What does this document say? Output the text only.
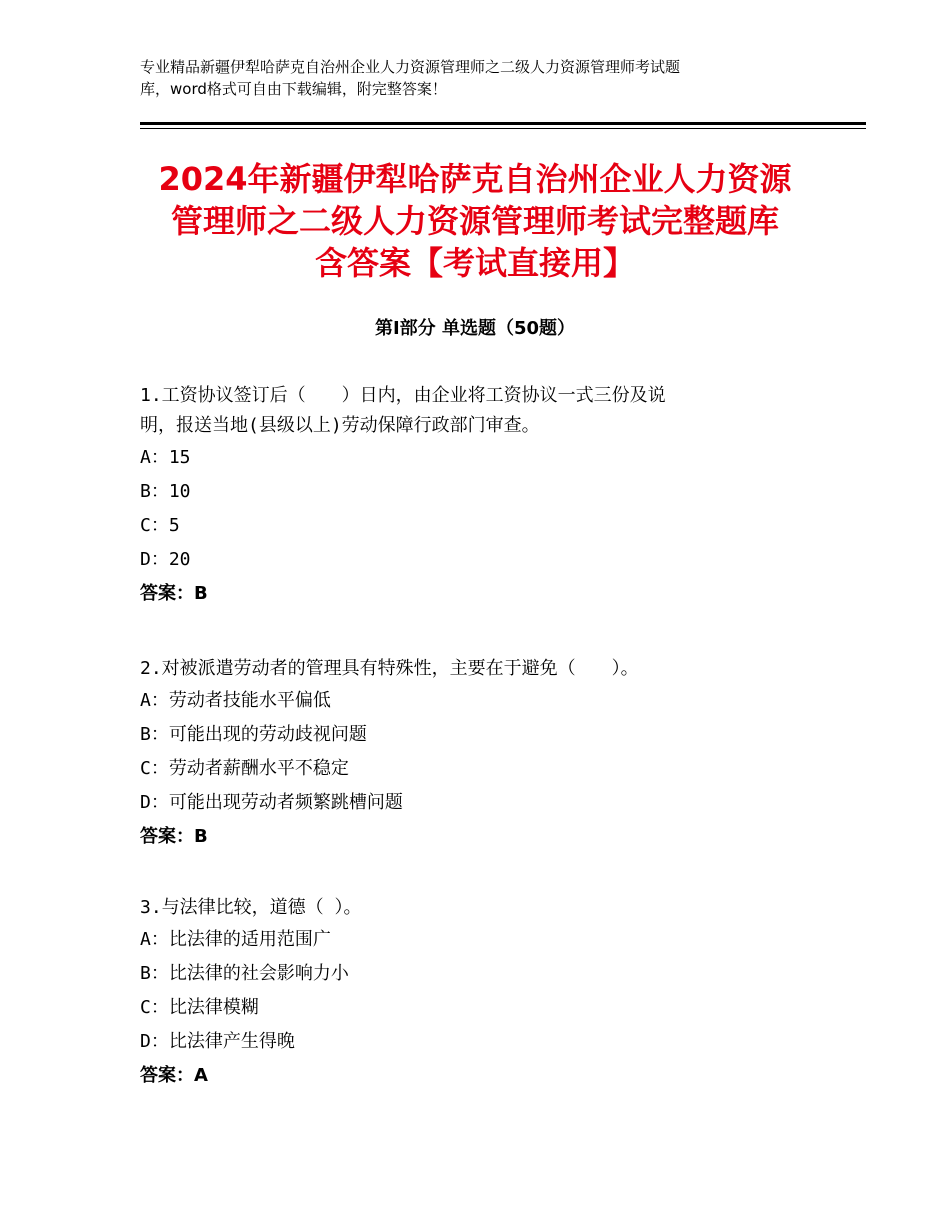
专业精品新疆伊犁哈萨克自治州企业人力资源管理师之二级人力资源管理师考试题
库，word格式可自由下载编辑，附完整答案！
2024年新疆伊犁哈萨克自治州企业人力资源
管理师之二级人力资源管理师考试完整题库
含答案【考试直接用】
第Ⅰ部分 单选题（50题）
1.工资协议签订后（　　）日内，由企业将工资协议一式三份及说
明，报送当地(县级以上)劳动保障行政部门审查。
A：15
B：10
C：5
D：20
答案：B
2.对被派遣劳动者的管理具有特殊性，主要在于避免（　　）。
A：劳动者技能水平偏低
B：可能出现的劳动歧视问题
C：劳动者薪酬水平不稳定
D：可能出现劳动者频繁跳槽问题
答案：B
3.与法律比较，道德（ ）。
A：比法律的适用范围广
B：比法律的社会影响力小
C：比法律模糊
D：比法律产生得晚
答案：A
